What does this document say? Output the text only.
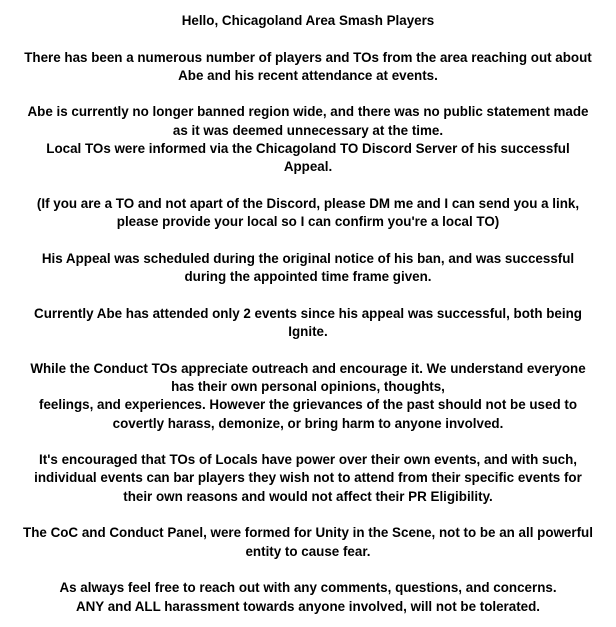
Hello, Chicagoland Area Smash Players
There has been a numerous number of players and TOs from the area reaching out about
Abe and his recent attendance at events.
Abe is currently no longer banned region wide, and there was no public statement made
as it was deemed unnecessary at the time.
Local TOs were informed via the Chicagoland TO Discord Server of his successful
Appeal.
(If you are a TO and not apart of the Discord, please DM me and I can send you a link,
please provide your local so I can confirm you're a local TO)
His Appeal was scheduled during the original notice of his ban, and was successful
during the appointed time frame given.
Currently Abe has attended only 2 events since his appeal was successful, both being
Ignite.
While the Conduct TOs appreciate outreach and encourage it. We understand everyone
has their own personal opinions, thoughts,
feelings, and experiences. However the grievances of the past should not be used to
covertly harass, demonize, or bring harm to anyone involved.
It's encouraged that TOs of Locals have power over their own events, and with such,
individual events can bar players they wish not to attend from their specific events for
their own reasons and would not affect their PR Eligibility.
The CoC and Conduct Panel, were formed for Unity in the Scene, not to be an all powerful
entity to cause fear.
As always feel free to reach out with any comments, questions, and concerns.
ANY and ALL harassment towards anyone involved, will not be tolerated.
